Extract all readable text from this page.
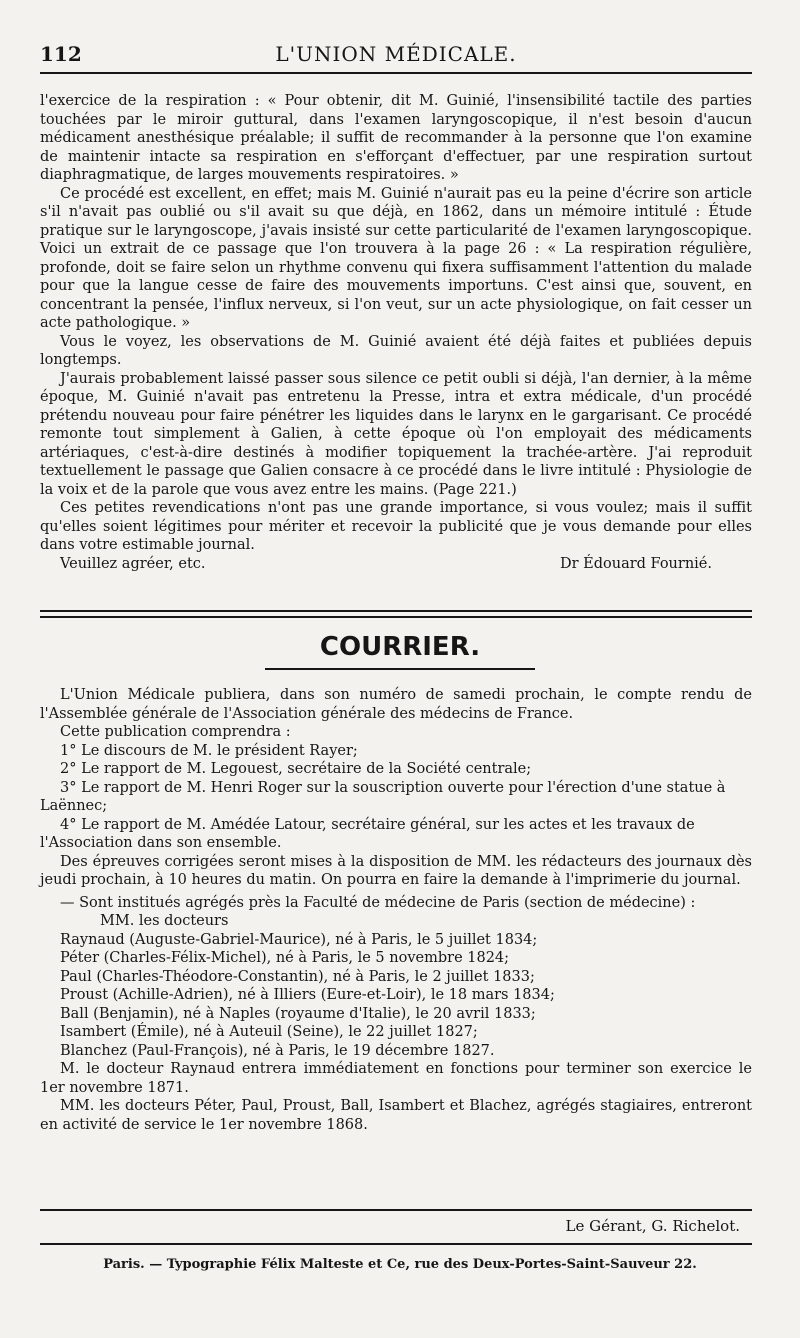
112	L'UNION MÉDICALE.

l'exercice de la respiration : « Pour obtenir, dit M. Guinié, l'insensibilité tactile des parties touchées par le miroir guttural, dans l'examen laryngoscopique, il n'est besoin d'aucun médicament anesthésique préalable; il suffit de recommander à la personne que l'on examine de maintenir intacte sa respiration en s'efforçant d'effectuer, par une respiration surtout diaphragmatique, de larges mouvements respiratoires. »

Ce procédé est excellent, en effet; mais M. Guinié n'aurait pas eu la peine d'écrire son article s'il n'avait pas oublié ou s'il avait su que déjà, en 1862, dans un mémoire intitulé : Étude pratique sur le laryngoscope, j'avais insisté sur cette particularité de l'examen laryngoscopique. Voici un extrait de ce passage que l'on trouvera à la page 26 : « La respiration régulière, profonde, doit se faire selon un rhythme convenu qui fixera suffisamment l'attention du malade pour que la langue cesse de faire des mouvements importuns. C'est ainsi que, souvent, en concentrant la pensée, l'influx nerveux, si l'on veut, sur un acte physiologique, on fait cesser un acte pathologique. »

Vous le voyez, les observations de M. Guinié avaient été déjà faites et publiées depuis longtemps.

J'aurais probablement laissé passer sous silence ce petit oubli si déjà, l'an dernier, à la même époque, M. Guinié n'avait pas entretenu la Presse, intra et extra médicale, d'un procédé prétendu nouveau pour faire pénétrer les liquides dans le larynx en le gargarisant. Ce procédé remonte tout simplement à Galien, à cette époque où l'on employait des médicaments artériaques, c'est-à-dire destinés à modifier topiquement la trachée-artère. J'ai reproduit textuellement le passage que Galien consacre à ce procédé dans le livre intitulé : Physiologie de la voix et de la parole que vous avez entre les mains. (Page 221.)

Ces petites revendications n'ont pas une grande importance, si vous voulez; mais il suffit qu'elles soient légitimes pour mériter et recevoir la publicité que je vous demande pour elles dans votre estimable journal.

Veuillez agréer, etc.	Dr Édouard Fournié.

COURRIER.

L'Union Médicale publiera, dans son numéro de samedi prochain, le compte rendu de l'Assemblée générale de l'Association générale des médecins de France.

Cette publication comprendra :

1° Le discours de M. le président Rayer;

2° Le rapport de M. Legouest, secrétaire de la Société centrale;

3° Le rapport de M. Henri Roger sur la souscription ouverte pour l'érection d'une statue à Laënnec;

4° Le rapport de M. Amédée Latour, secrétaire général, sur les actes et les travaux de l'Association dans son ensemble.

Des épreuves corrigées seront mises à la disposition de MM. les rédacteurs des journaux dès jeudi prochain, à 10 heures du matin. On pourra en faire la demande à l'imprimerie du journal.

— Sont institués agrégés près la Faculté de médecine de Paris (section de médecine) :

MM. les docteurs

Raynaud (Auguste-Gabriel-Maurice), né à Paris, le 5 juillet 1834;

Péter (Charles-Félix-Michel), né à Paris, le 5 novembre 1824;

Paul (Charles-Théodore-Constantin), né à Paris, le 2 juillet 1833;

Proust (Achille-Adrien), né à Illiers (Eure-et-Loir), le 18 mars 1834;

Ball (Benjamin), né à Naples (royaume d'Italie), le 20 avril 1833;

Isambert (Émile), né à Auteuil (Seine), le 22 juillet 1827;

Blanchez (Paul-François), né à Paris, le 19 décembre 1827.

M. le docteur Raynaud entrera immédiatement en fonctions pour terminer son exercice le 1er novembre 1871.

MM. les docteurs Péter, Paul, Proust, Ball, Isambert et Blachez, agrégés stagiaires, entreront en activité de service le 1er novembre 1868.

Le Gérant, G. Richelot.
Paris. — Typographie Félix Malteste et Ce, rue des Deux-Portes-Saint-Sauveur 22.
